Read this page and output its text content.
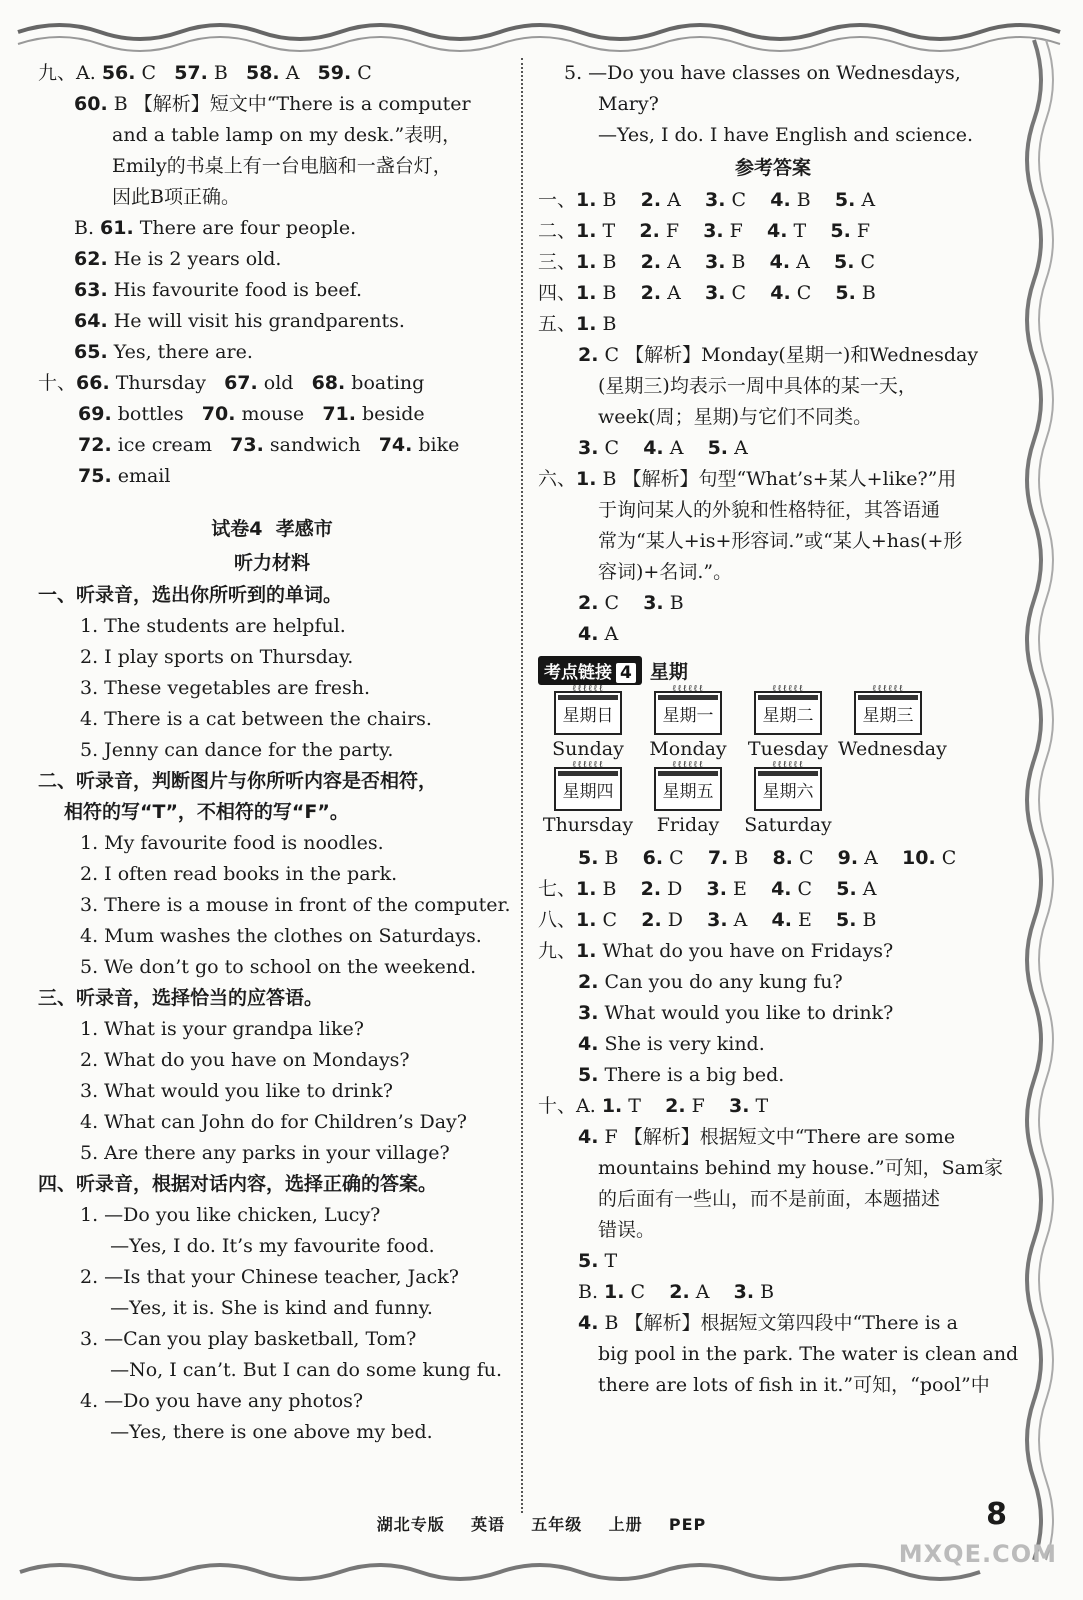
九、A. 56. C   57. B   58. A   59. C
60. B 【解析】短文中“There is a computer
and a table lamp on my desk.”表明，
Emily的书桌上有一台电脑和一盏台灯，
因此B项正确。
B. 61. There are four people.
62. He is 2 years old.
63. His favourite food is beef.
64. He will visit his grandparents.
65. Yes, there are.
十、66. Thursday   67. old   68. boating
69. bottles   70. mouse   71. beside
72. ice cream   73. sandwich   74. bike
75. email
试卷4  孝感市
听力材料
一、听录音，选出你所听到的单词。
1. The students are helpful.
2. I play sports on Thursday.
3. These vegetables are fresh.
4. There is a cat between the chairs.
5. Jenny can dance for the party.
二、听录音，判断图片与你所听内容是否相符，
相符的写“T”，不相符的写“F”。
1. My favourite food is noodles.
2. I often read books in the park.
3. There is a mouse in front of the computer.
4. Mum washes the clothes on Saturdays.
5. We don’t go to school on the weekend.
三、听录音，选择恰当的应答语。
1. What is your grandpa like?
2. What do you have on Mondays?
3. What would you like to drink?
4. What can John do for Children’s Day?
5. Are there any parks in your village?
四、听录音，根据对话内容，选择正确的答案。
1. —Do you like chicken, Lucy?
—Yes, I do. It’s my favourite food.
2. —Is that your Chinese teacher, Jack?
—Yes, it is. She is kind and funny.
3. —Can you play basketball, Tom?
—No, I can’t. But I can do some kung fu.
4. —Do you have any photos?
—Yes, there is one above my bed.
5. —Do you have classes on Wednesdays,
Mary?
—Yes, I do. I have English and science.
参考答案
一、1. B    2. A    3. C    4. B    5. A
二、1. T    2. F    3. F    4. T    5. F
三、1. B    2. A    3. B    4. A    5. C
四、1. B    2. A    3. C    4. C    5. B
五、1. B
2. C 【解析】Monday(星期一)和Wednesday
(星期三)均表示一周中具体的某一天，
week(周；星期)与它们不同类。
3. C    4. A    5. A
六、1. B 【解析】句型“What’s+某人+like?”用
于询问某人的外貌和性格特征，其答语通
常为“某人+is+形容词.”或“某人+has(+形
容词)+名词.”。
2. C    3. B
4. A
考点链接 4 星期
ℓℓℓℓℓℓ
星期日
Sunday
ℓℓℓℓℓℓ
星期一
Monday
ℓℓℓℓℓℓ
星期二
Tuesday
ℓℓℓℓℓℓ
星期三
Wednesday
ℓℓℓℓℓℓ
星期四
Thursday
ℓℓℓℓℓℓ
星期五
Friday
ℓℓℓℓℓℓ
星期六
Saturday
5. B    6. C    7. B    8. C    9. A    10. C
七、1. B    2. D    3. E    4. C    5. A
八、1. C    2. D    3. A    4. E    5. B
九、1. What do you have on Fridays?
2. Can you do any kung fu?
3. What would you like to drink?
4. She is very kind.
5. There is a big bed.
十、A. 1. T    2. F    3. T
4. F 【解析】根据短文中“There are some
mountains behind my house.”可知，Sam家
的后面有一些山，而不是前面，本题描述
错误。
5. T
B. 1. C    2. A    3. B
4. B 【解析】根据短文第四段中“There is a
big pool in the park. The water is clean and
there are lots of fish in it.”可知，“pool”中
湖北专版    英语    五年级    上册    PEP	8
MXQE.COM
